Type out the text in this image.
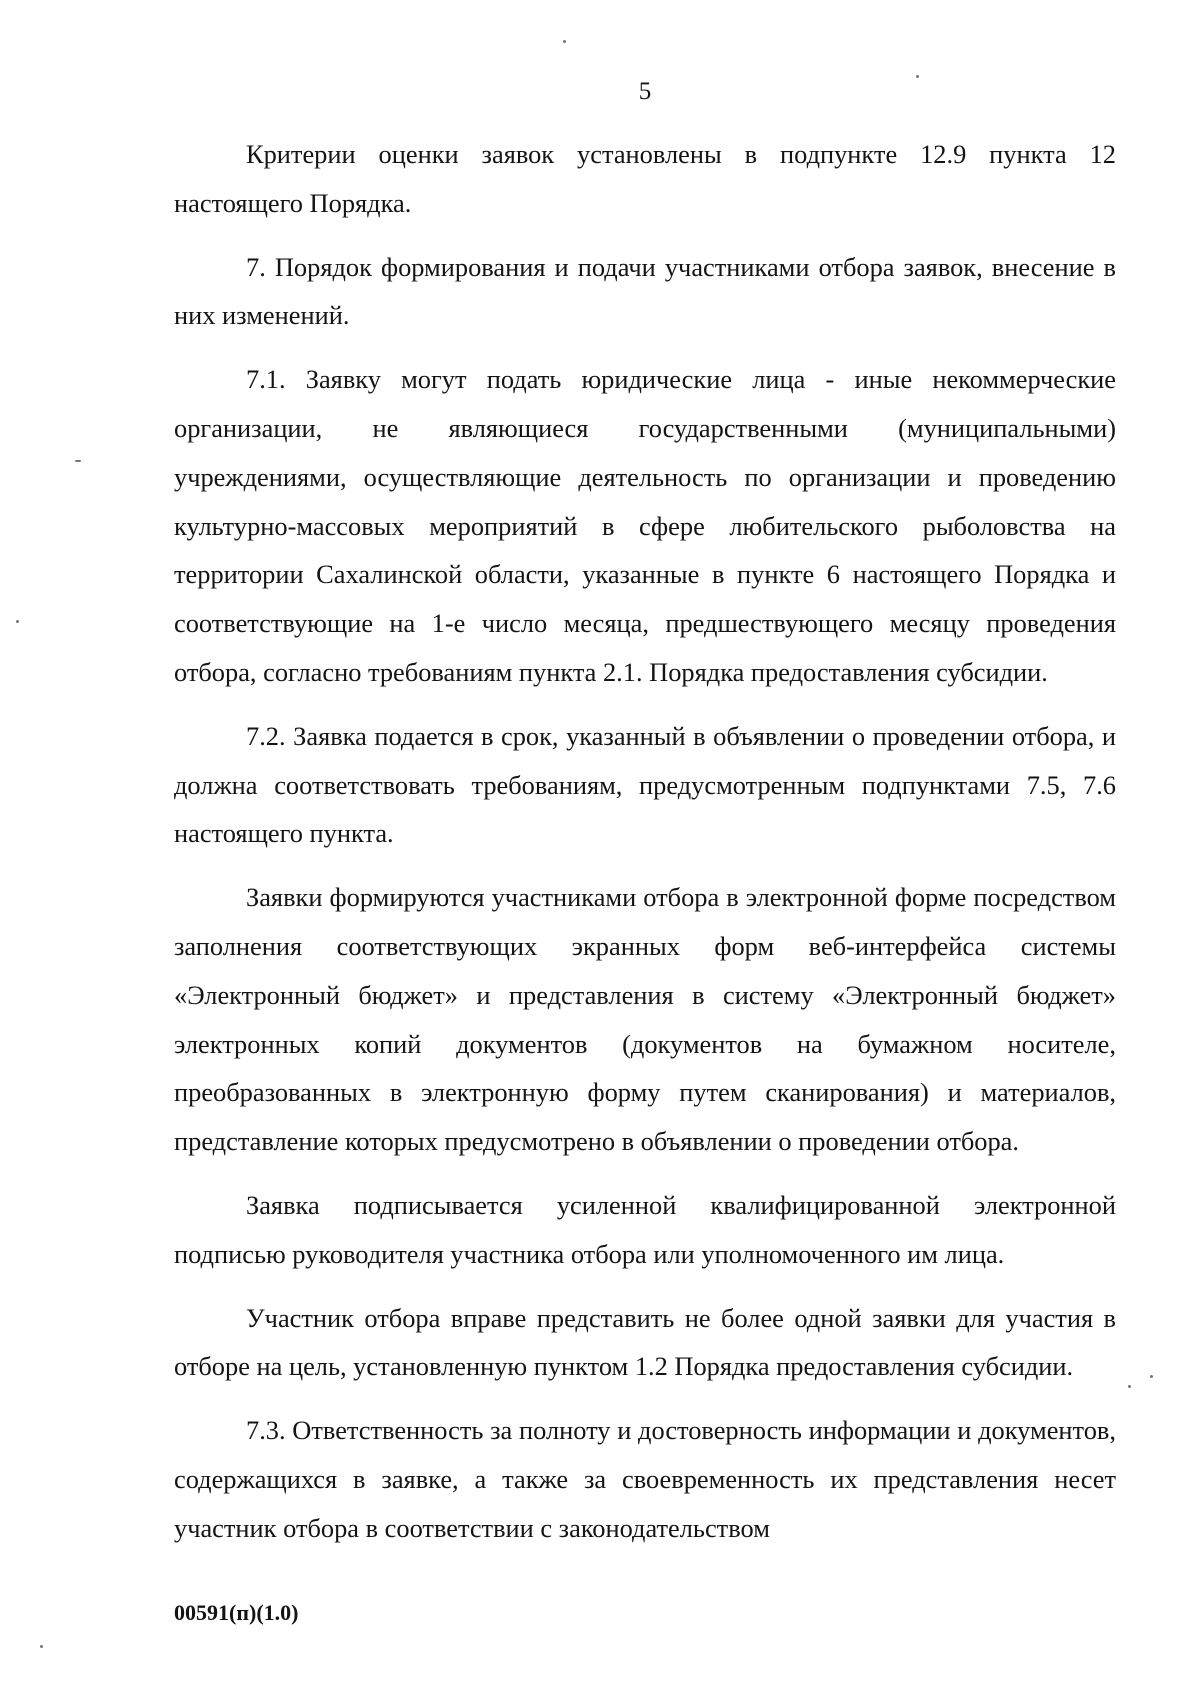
5

Критерии оценки заявок установлены в подпункте 12.9 пункта 12 настоящего Порядка.

7. Порядок формирования и подачи участниками отбора заявок, внесение в них изменений.

7.1. Заявку могут подать юридические лица - иные некоммерческие организации, не являющиеся государственными (муниципальными) учреждениями, осуществляющие деятельность по организации и проведению культурно-массовых мероприятий в сфере любительского рыболовства на территории Сахалинской области, указанные в пункте 6 настоящего Порядка и соответствующие на 1-е число месяца, предшествующего месяцу проведения отбора, согласно требованиям пункта 2.1. Порядка предоставления субсидии.

7.2. Заявка подается в срок, указанный в объявлении о проведении отбора, и должна соответствовать требованиям, предусмотренным подпунктами 7.5, 7.6 настоящего пункта.

Заявки формируются участниками отбора в электронной форме посредством заполнения соответствующих экранных форм веб-интерфейса системы «Электронный бюджет» и представления в систему «Электронный бюджет» электронных копий документов (документов на бумажном носителе, преобразованных в электронную форму путем сканирования) и материалов, представление которых предусмотрено в объявлении о проведении отбора.

Заявка подписывается усиленной квалифицированной электронной подписью руководителя участника отбора или уполномоченного им лица.

Участник отбора вправе представить не более одной заявки для участия в отборе на цель, установленную пунктом 1.2 Порядка предоставления субсидии.

7.3. Ответственность за полноту и достоверность информации и документов, содержащихся в заявке, а также за своевременность их представления несет участник отбора в соответствии с законодательством

00591(п)(1.0)
